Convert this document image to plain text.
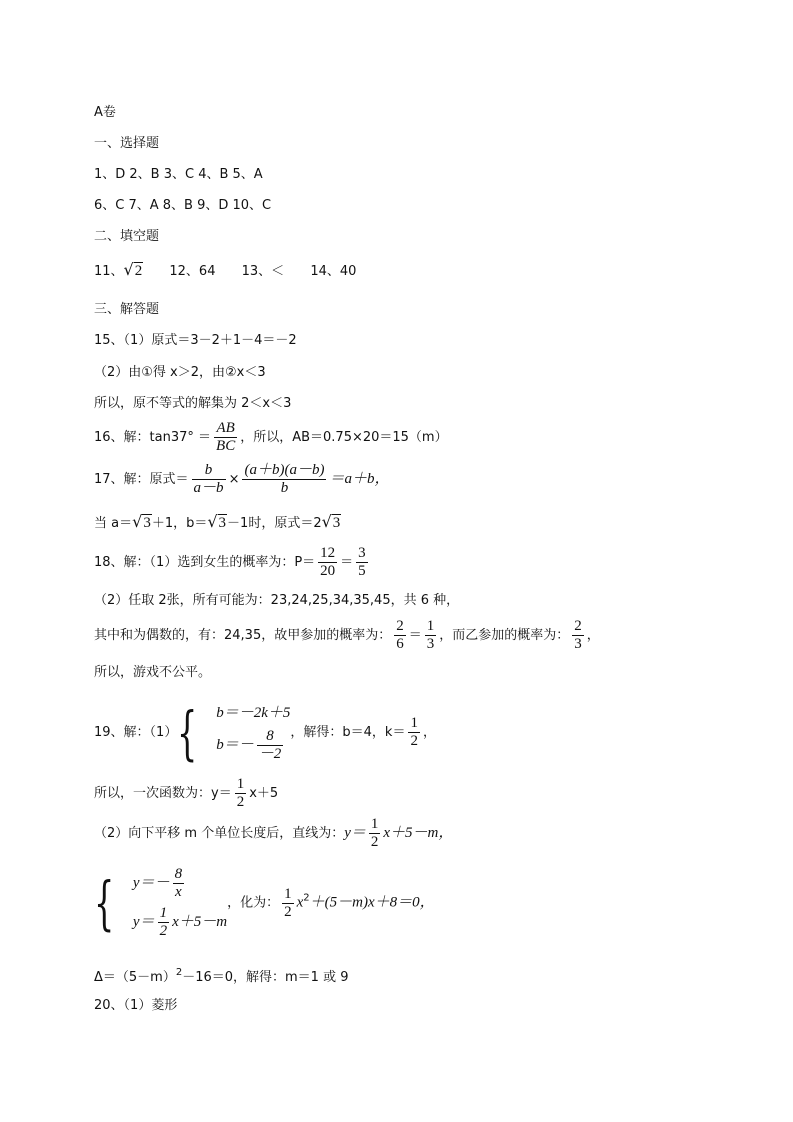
A卷
一、选择题
1、D 2、B 3、C 4、B 5、A
6、C 7、A 8、B 9、D 10、C
二、填空题
11、√2 12、64 13、＜ 14、40
三、解答题
15、（1）原式＝3－2＋1－4＝－2
（2）由①得 x＞2，由②x＜3
所以，原不等式的解集为 2＜x＜3
16、解：$\tan 37^\circ = \frac{AB}{BC}$ ，所以，AB＝0.75×20＝15（m）
17、解：原式＝ $\frac{b}{a-b} \times \frac{(a+b)(a-b)}{b} =a+b$，
当 a＝√3＋1，b＝√3－1时，原式＝2√3
18、解：（1）选到女生的概率为：$P= \frac{12}{20} = \frac{3}{5}$
（2）任取 2张，所有可能为：23,24,25,34,35,45，共 6 种，
其中和为偶数的，有：24,35，故甲参加的概率为： $\frac{2}{6} = \frac{1}{3}$ ，而乙参加的概率为： $\frac{2}{3}$ ，
所以，游戏不公平。
19、解：（1）{ b＝－2k＋5
$b=- \frac{8}{-2}$ ，解得：b＝4，$k= \frac{1}{2}$ ，
所以，一次函数为：$y= \frac{1}{2} x+5$
（2）向下平移 m 个单位长度后，直线为：$y= \frac{1}{2} x+5-m$，
{ $y=- \frac{8}{x}$
$y= \frac{1}{2} x+5-m$
，化为： $\frac{1}{2} x^2+(5-m)x+8=0$，
$\Delta=(5-m)^2-16=0$，解得：m＝1 或 9
20、（1）菱形
